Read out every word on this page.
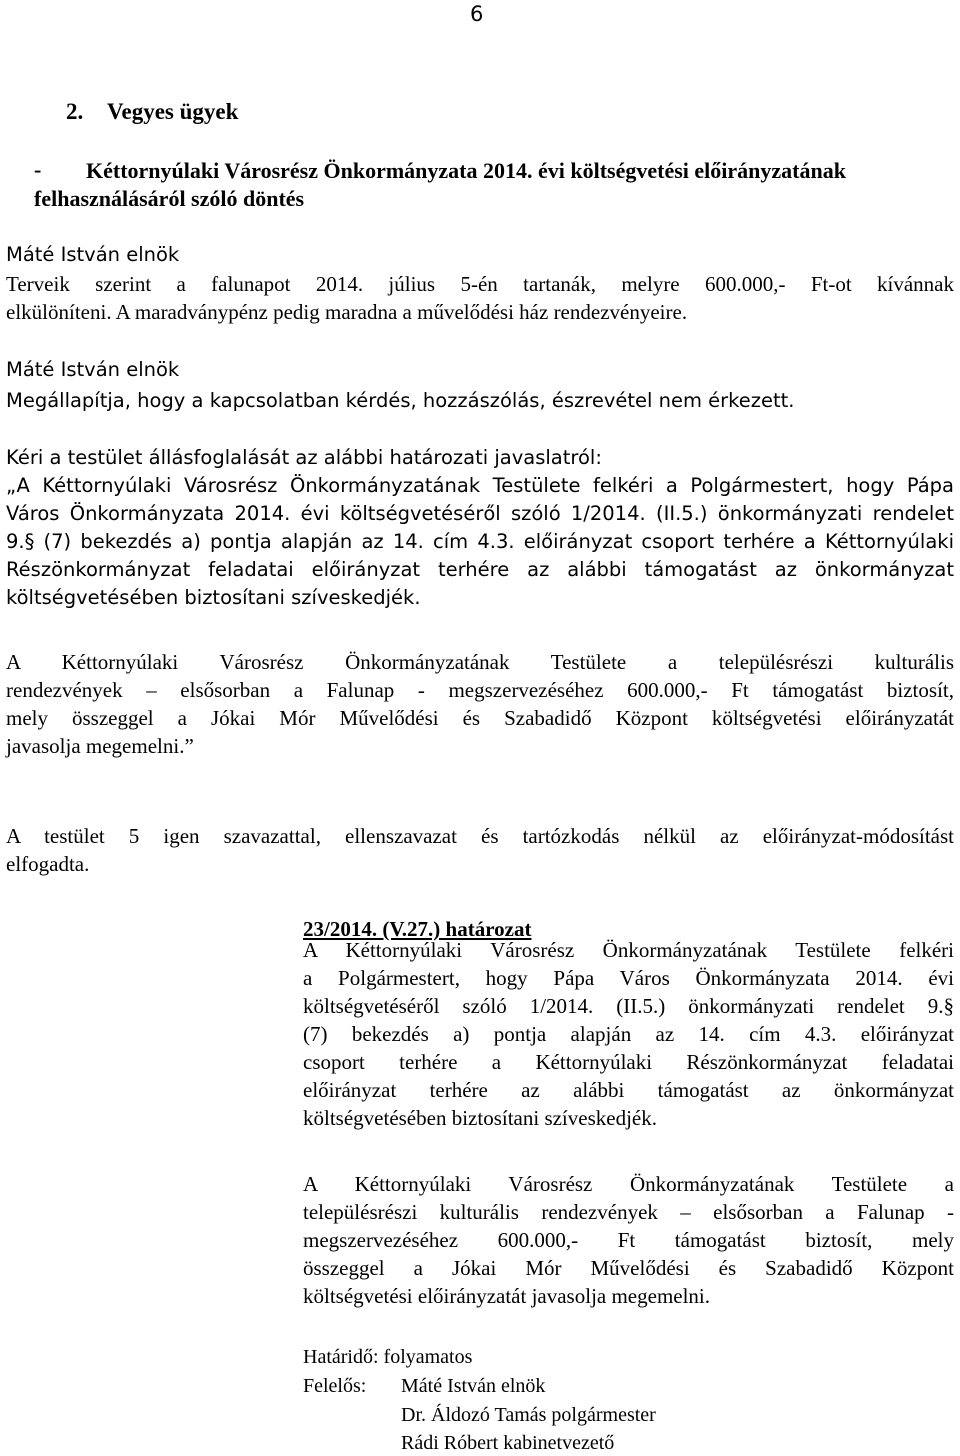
6
2. Vegyes ügyek
- Kéttornyúlaki Városrész Önkormányzata 2014. évi költségvetési előirányzatának
felhasználásáról szóló döntés
Máté István elnök
Terveik szerint a falunapot 2014. július 5-én tartanák, melyre 600.000,- Ft-ot kívánnak
elkülöníteni. A maradványpénz pedig maradna a művelődési ház rendezvényeire.
Máté István elnök
Megállapítja, hogy a kapcsolatban kérdés, hozzászólás, észrevétel nem érkezett.
Kéri a testület állásfoglalását az alábbi határozati javaslatról:
„A Kéttornyúlaki Városrész Önkormányzatának Testülete felkéri a Polgármestert, hogy Pápa
Város Önkormányzata 2014. évi költségvetéséről szóló 1/2014. (II.5.) önkormányzati rendelet
9.§ (7) bekezdés a) pontja alapján az 14. cím 4.3. előirányzat csoport terhére a Kéttornyúlaki
Részönkormányzat feladatai előirányzat terhére az alábbi támogatást az önkormányzat
költségvetésében biztosítani szíveskedjék.
A Kéttornyúlaki Városrész Önkormányzatának Testülete a településrészi kulturális
rendezvények – elsősorban a Falunap - megszervezéséhez 600.000,- Ft támogatást biztosít,
mely összeggel a Jókai Mór Művelődési és Szabadidő Központ költségvetési előirányzatát
javasolja megemelni.”
A testület 5 igen szavazattal, ellenszavazat és tartózkodás nélkül az előirányzat-módosítást
elfogadta.
23/2014. (V.27.) határozat
A Kéttornyúlaki Városrész Önkormányzatának Testülete felkéri
a Polgármestert, hogy Pápa Város Önkormányzata 2014. évi
költségvetéséről szóló 1/2014. (II.5.) önkormányzati rendelet 9.§
(7) bekezdés a) pontja alapján az 14. cím 4.3. előirányzat
csoport terhére a Kéttornyúlaki Részönkormányzat feladatai
előirányzat terhére az alábbi támogatást az önkormányzat
költségvetésében biztosítani szíveskedjék.
A Kéttornyúlaki Városrész Önkormányzatának Testülete a
településrészi kulturális rendezvények – elsősorban a Falunap -
megszervezéséhez 600.000,- Ft támogatást biztosít, mely
összeggel a Jókai Mór Művelődési és Szabadidő Központ
költségvetési előirányzatát javasolja megemelni.
Határidő: folyamatos
Felelős: Máté István elnök
Dr. Áldozó Tamás polgármester
Rádi Róbert kabinetvezető
